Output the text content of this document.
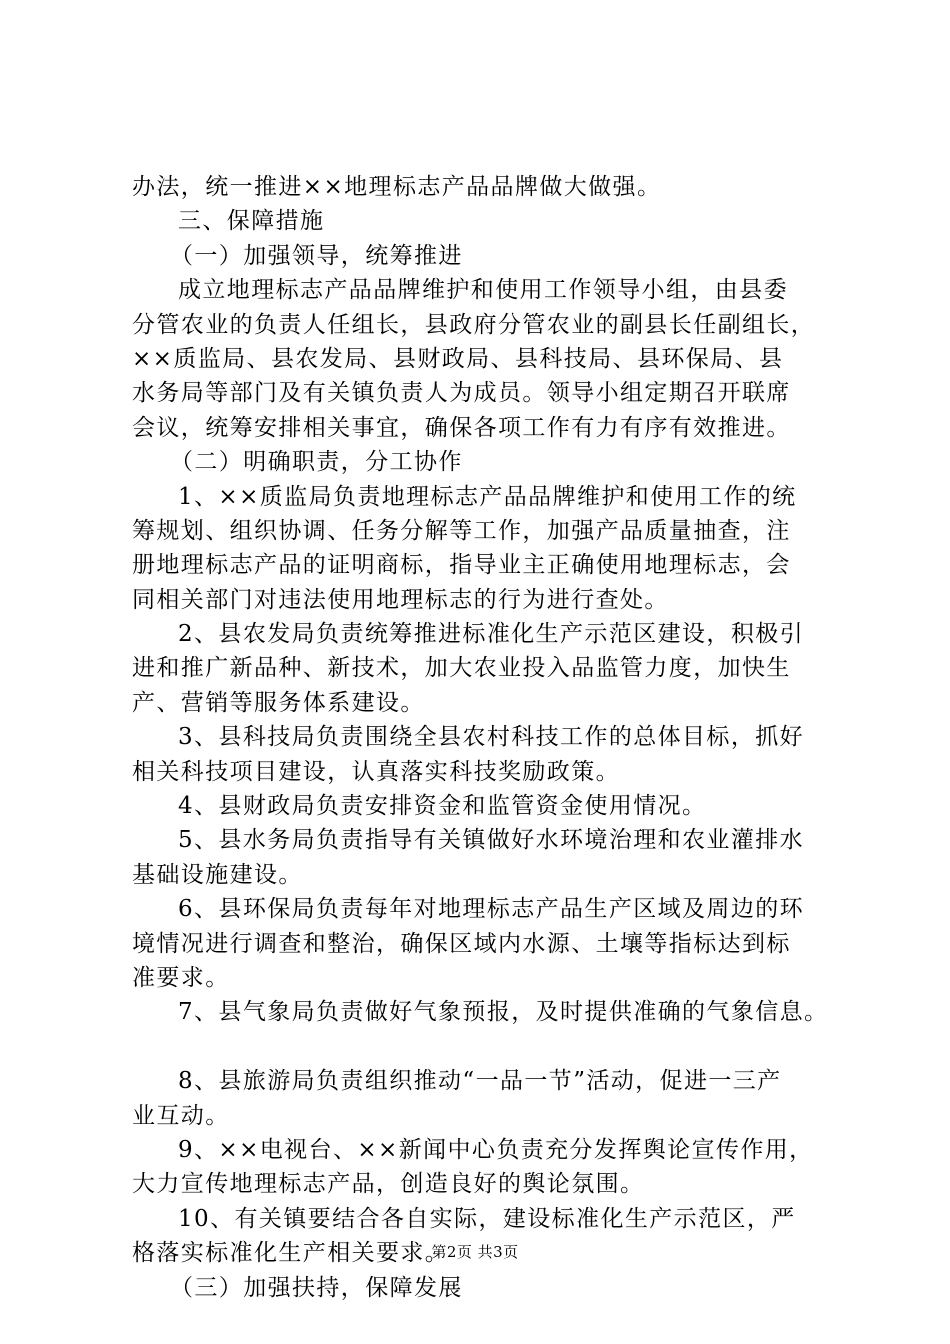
办法，统一推进××地理标志产品品牌做大做强。
三、保障措施
（一）加强领导，统筹推进
成立地理标志产品品牌维护和使用工作领导小组，由县委
分管农业的负责人任组长，县政府分管农业的副县长任副组长，
××质监局、县农发局、县财政局、县科技局、县环保局、县
水务局等部门及有关镇负责人为成员。领导小组定期召开联席
会议，统筹安排相关事宜，确保各项工作有力有序有效推进。
（二）明确职责，分工协作
1、××质监局负责地理标志产品品牌维护和使用工作的统
筹规划、组织协调、任务分解等工作，加强产品质量抽查，注
册地理标志产品的证明商标，指导业主正确使用地理标志，会
同相关部门对违法使用地理标志的行为进行查处。
2、县农发局负责统筹推进标准化生产示范区建设，积极引
进和推广新品种、新技术，加大农业投入品监管力度，加快生
产、营销等服务体系建设。
3、县科技局负责围绕全县农村科技工作的总体目标，抓好
相关科技项目建设，认真落实科技奖励政策。
4、县财政局负责安排资金和监管资金使用情况。
5、县水务局负责指导有关镇做好水环境治理和农业灌排水
基础设施建设。
6、县环保局负责每年对地理标志产品生产区域及周边的环
境情况进行调查和整治，确保区域内水源、土壤等指标达到标
准要求。
7、县气象局负责做好气象预报，及时提供准确的气象信息。
8、县旅游局负责组织推动“一品一节”活动，促进一三产
业互动。
9、××电视台、××新闻中心负责充分发挥舆论宣传作用，
大力宣传地理标志产品，创造良好的舆论氛围。
10、有关镇要结合各自实际，建设标准化生产示范区，严
格落实标准化生产相关要求。
（三）加强扶持，保障发展
第2页 共3页
